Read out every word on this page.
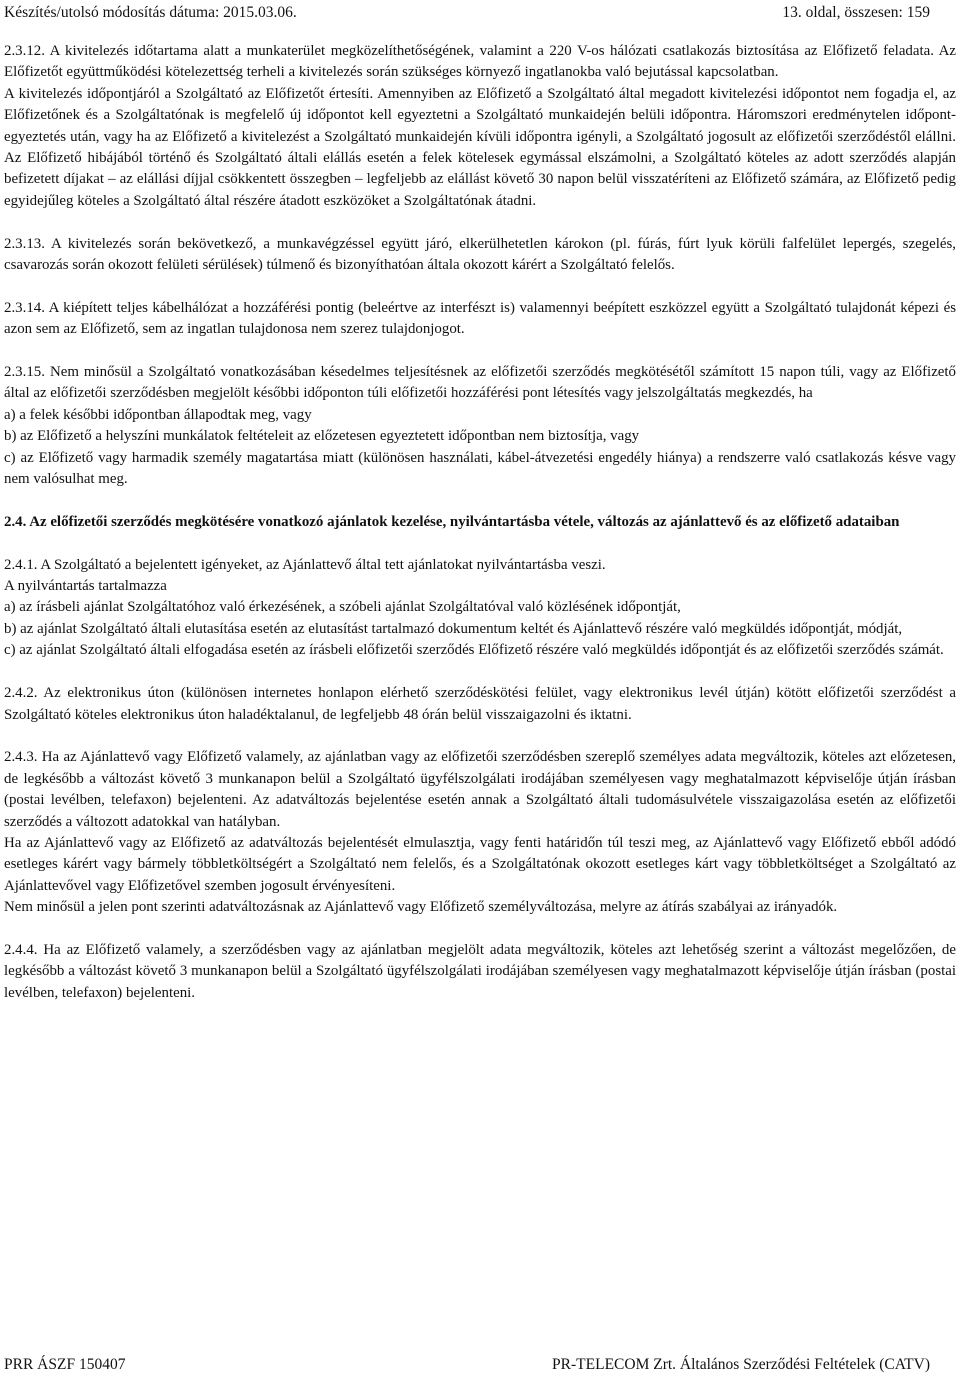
Készítés/utolsó módosítás dátuma: 2015.03.06.	13. oldal, összesen: 159

2.3.12. A kivitelezés időtartama alatt a munkaterület megközelíthetőségének, valamint a 220 V-os hálózati csatlakozás biztosítása az Előfizető feladata. Az Előfizetőt együttműködési kötelezettség terheli a kivitelezés során szükséges környező ingatlanokba való bejutással kapcsolatban.

A kivitelezés időpontjáról a Szolgáltató az Előfizetőt értesíti. Amennyiben az Előfizető a Szolgáltató által megadott kivitelezési időpontot nem fogadja el, az Előfizetőnek és a Szolgáltatónak is megfelelő új időpontot kell egyeztetni a Szolgáltató munkaidején belüli időpontra. Háromszori eredménytelen időpont-egyeztetés után, vagy ha az Előfizető a kivitelezést a Szolgáltató munkaidején kívüli időpontra igényli, a Szolgáltató jogosult az előfizetői szerződéstől elállni. Az Előfizető hibájából történő és Szolgáltató általi elállás esetén a felek kötelesek egymással elszámolni, a Szolgáltató köteles az adott szerződés alapján befizetett díjakat – az elállási díjjal csökkentett összegben – legfeljebb az elállást követő 30 napon belül visszatéríteni az Előfizető számára, az Előfizető pedig egyidejűleg köteles a Szolgáltató által részére átadott eszközöket a Szolgáltatónak átadni.

2.3.13. A kivitelezés során bekövetkező, a munkavégzéssel együtt járó, elkerülhetetlen károkon (pl. fúrás, fúrt lyuk körüli falfelület lepergés, szegelés, csavarozás során okozott felületi sérülések) túlmenő és bizonyíthatóan általa okozott kárért a Szolgáltató felelős.

2.3.14. A kiépített teljes kábelhálózat a hozzáférési pontig (beleértve az interfészt is) valamennyi beépített eszközzel együtt a Szolgáltató tulajdonát képezi és azon sem az Előfizető, sem az ingatlan tulajdonosa nem szerez tulajdonjogot.

2.3.15. Nem minősül a Szolgáltató vonatkozásában késedelmes teljesítésnek az előfizetői szerződés megkötésétől számított 15 napon túli, vagy az Előfizető által az előfizetői szerződésben megjelölt későbbi időponton túli előfizetői hozzáférési pont létesítés vagy jelszolgáltatás megkezdés, ha

a) a felek későbbi időpontban állapodtak meg, vagy

b) az Előfizető a helyszíni munkálatok feltételeit az előzetesen egyeztetett időpontban nem biztosítja, vagy

c) az Előfizető vagy harmadik személy magatartása miatt (különösen használati, kábel-átvezetési engedély hiánya) a rendszerre való csatlakozás késve vagy nem valósulhat meg.

2.4. Az előfizetői szerződés megkötésére vonatkozó ajánlatok kezelése, nyilvántartásba vétele, változás az ajánlattevő és az előfizető adataiban

2.4.1. A Szolgáltató a bejelentett igényeket, az Ajánlattevő által tett ajánlatokat nyilvántartásba veszi.

A nyilvántartás tartalmazza

a) az írásbeli ajánlat Szolgáltatóhoz való érkezésének, a szóbeli ajánlat Szolgáltatóval való közlésének időpontját,

b) az ajánlat Szolgáltató általi elutasítása esetén az elutasítást tartalmazó dokumentum keltét és Ajánlattevő részére való megküldés időpontját, módját,

c) az ajánlat Szolgáltató általi elfogadása esetén az írásbeli előfizetői szerződés Előfizető részére való megküldés időpontját és az előfizetői szerződés számát.

2.4.2. Az elektronikus úton (különösen internetes honlapon elérhető szerződéskötési felület, vagy elektronikus levél útján) kötött előfizetői szerződést a Szolgáltató köteles elektronikus úton haladéktalanul, de legfeljebb 48 órán belül visszaigazolni és iktatni.

2.4.3. Ha az Ajánlattevő vagy Előfizető valamely, az ajánlatban vagy az előfizetői szerződésben szereplő személyes adata megváltozik, köteles azt előzetesen, de legkésőbb a változást követő 3 munkanapon belül a Szolgáltató ügyfélszolgálati irodájában személyesen vagy meghatalmazott képviselője útján írásban (postai levélben, telefaxon) bejelenteni. Az adatváltozás bejelentése esetén annak a Szolgáltató általi tudomásulvétele visszaigazolása esetén az előfizetői szerződés a változott adatokkal van hatályban.

Ha az Ajánlattevő vagy az Előfizető az adatváltozás bejelentését elmulasztja, vagy fenti határidőn túl teszi meg, az Ajánlattevő vagy Előfizető ebből adódó esetleges kárért vagy bármely többletköltségért a Szolgáltató nem felelős, és a Szolgáltatónak okozott esetleges kárt vagy többletköltséget a Szolgáltató az Ajánlattevővel vagy Előfizetővel szemben jogosult érvényesíteni.

Nem minősül a jelen pont szerinti adatváltozásnak az Ajánlattevő vagy Előfizető személyváltozása, melyre az átírás szabályai az irányadók.

2.4.4. Ha az Előfizető valamely, a szerződésben vagy az ajánlatban megjelölt adata megváltozik, köteles azt lehetőség szerint a változást megelőzően, de legkésőbb a változást követő 3 munkanapon belül a Szolgáltató ügyfélszolgálati irodájában személyesen vagy meghatalmazott képviselője útján írásban (postai levélben, telefaxon) bejelenteni.

PRR ÁSZF 150407	PR-TELECOM Zrt. Általános Szerződési Feltételek (CATV)
